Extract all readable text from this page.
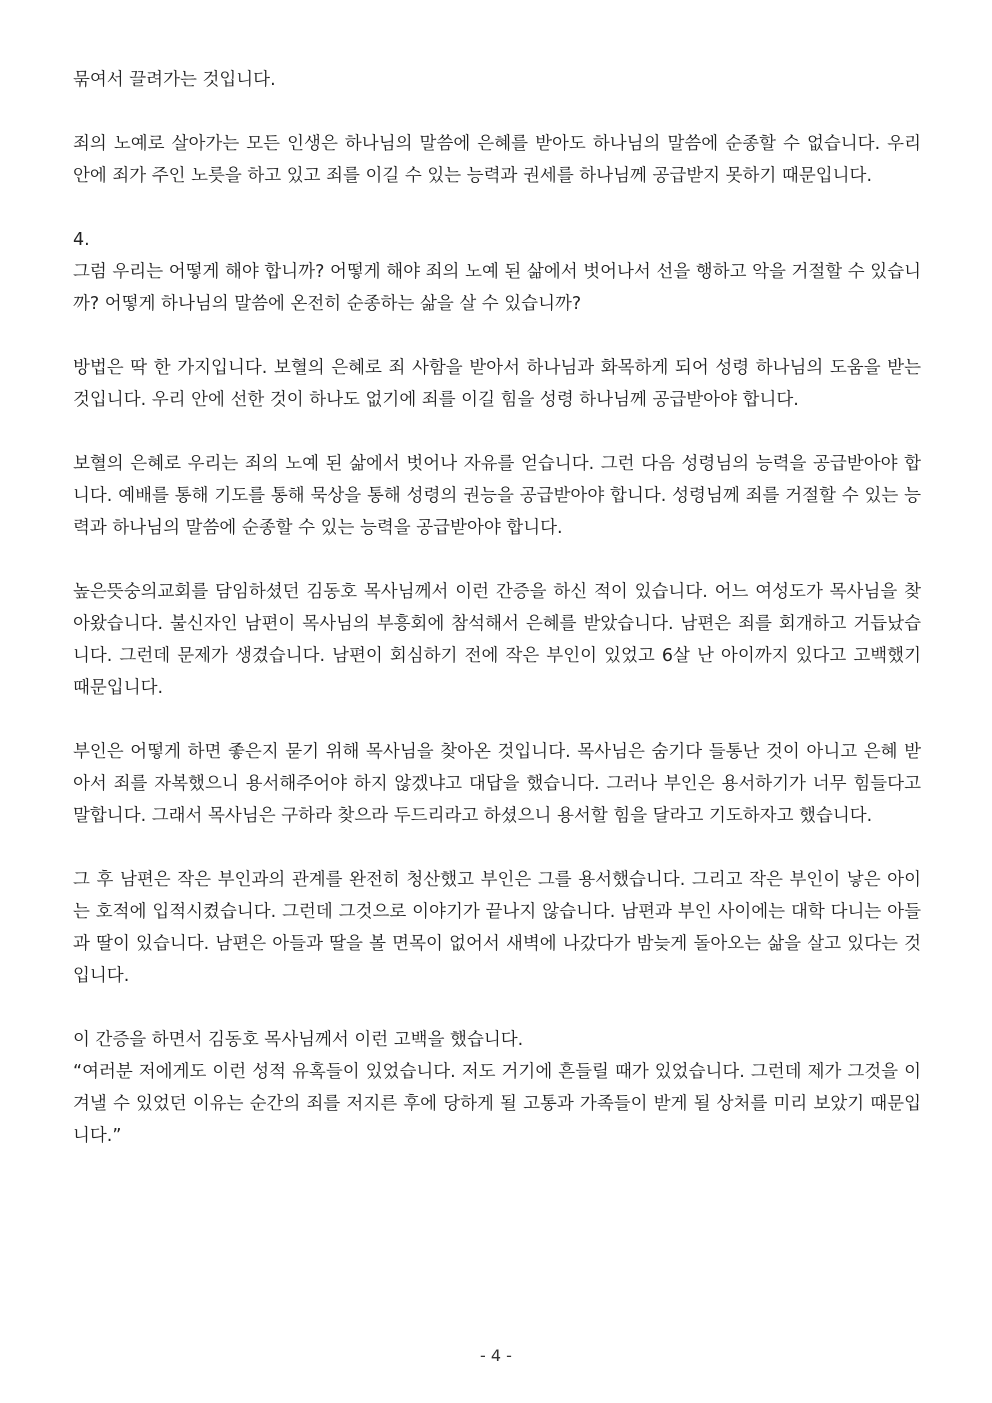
묶여서 끌려가는 것입니다.

죄의 노예로 살아가는 모든 인생은 하나님의 말씀에 은혜를 받아도 하나님의 말씀에 순종할 수 없습니다. 우리 안에 죄가 주인 노릇을 하고 있고 죄를 이길 수 있는 능력과 권세를 하나님께 공급받지 못하기 때문입니다.

4.

그럼 우리는 어떻게 해야 합니까? 어떻게 해야 죄의 노예 된 삶에서 벗어나서 선을 행하고 악을 거절할 수 있습니까? 어떻게 하나님의 말씀에 온전히 순종하는 삶을 살 수 있습니까?

방법은 딱 한 가지입니다. 보혈의 은혜로 죄 사함을 받아서 하나님과 화목하게 되어 성령 하나님의 도움을 받는 것입니다. 우리 안에 선한 것이 하나도 없기에 죄를 이길 힘을 성령 하나님께 공급받아야 합니다.

보혈의 은혜로 우리는 죄의 노예 된 삶에서 벗어나 자유를 얻습니다. 그런 다음 성령님의 능력을 공급받아야 합니다. 예배를 통해 기도를 통해 묵상을 통해 성령의 권능을 공급받아야 합니다. 성령님께 죄를 거절할 수 있는 능력과 하나님의 말씀에 순종할 수 있는 능력을 공급받아야 합니다.

높은뜻숭의교회를 담임하셨던 김동호 목사님께서 이런 간증을 하신 적이 있습니다. 어느 여성도가 목사님을 찾아왔습니다. 불신자인 남편이 목사님의 부흥회에 참석해서 은혜를 받았습니다. 남편은 죄를 회개하고 거듭났습니다. 그런데 문제가 생겼습니다. 남편이 회심하기 전에 작은 부인이 있었고 6살 난 아이까지 있다고 고백했기 때문입니다.

부인은 어떻게 하면 좋은지 묻기 위해 목사님을 찾아온 것입니다. 목사님은 숨기다 들통난 것이 아니고 은혜 받아서 죄를 자복했으니 용서해주어야 하지 않겠냐고 대답을 했습니다. 그러나 부인은 용서하기가 너무 힘들다고 말합니다. 그래서 목사님은 구하라 찾으라 두드리라고 하셨으니 용서할 힘을 달라고 기도하자고 했습니다.

그 후 남편은 작은 부인과의 관계를 완전히 청산했고 부인은 그를 용서했습니다. 그리고 작은 부인이 낳은 아이는 호적에 입적시켰습니다. 그런데 그것으로 이야기가 끝나지 않습니다. 남편과 부인 사이에는 대학 다니는 아들과 딸이 있습니다. 남편은 아들과 딸을 볼 면목이 없어서 새벽에 나갔다가 밤늦게 돌아오는 삶을 살고 있다는 것입니다.

이 간증을 하면서 김동호 목사님께서 이런 고백을 했습니다.

“여러분 저에게도 이런 성적 유혹들이 있었습니다. 저도 거기에 흔들릴 때가 있었습니다. 그런데 제가 그것을 이겨낼 수 있었던 이유는 순간의 죄를 저지른 후에 당하게 될 고통과 가족들이 받게 될 상처를 미리 보았기 때문입니다.”

- 4 -
